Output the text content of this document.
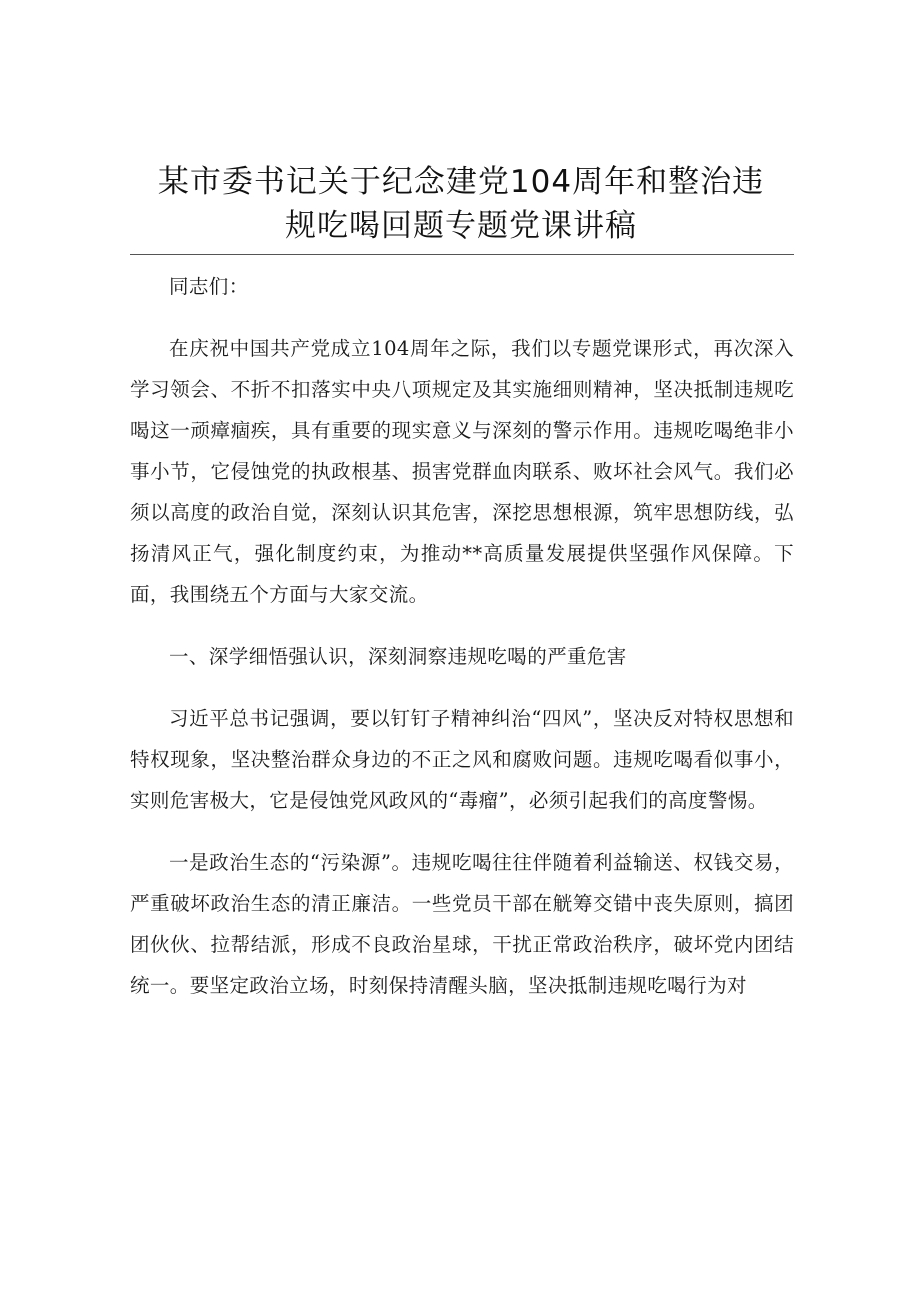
某市委书记关于纪念建党104周年和整治违
规吃喝回题专题党课讲稿

同志们：

在庆祝中国共产党成立104周年之际，我们以专题党课形式，再次深入学习领会、不折不扣落实中央八项规定及其实施细则精神，坚决抵制违规吃喝这一顽瘴痼疾，具有重要的现实意义与深刻的警示作用。违规吃喝绝非小事小节，它侵蚀党的执政根基、损害党群血肉联系、败坏社会风气。我们必须以高度的政治自觉，深刻认识其危害，深挖思想根源，筑牢思想防线，弘扬清风正气，强化制度约束，为推动**高质量发展提供坚强作风保障。下面，我围绕五个方面与大家交流。

一、深学细悟强认识，深刻洞察违规吃喝的严重危害

习近平总书记强调，要以钉钉子精神纠治“四风”，坚决反对特权思想和特权现象，坚决整治群众身边的不正之风和腐败问题。违规吃喝看似事小，实则危害极大，它是侵蚀党风政风的“毒瘤”，必须引起我们的高度警惕。

一是政治生态的“污染源”。违规吃喝往往伴随着利益输送、权钱交易，严重破坏政治生态的清正廉洁。一些党员干部在觥筹交错中丧失原则，搞团团伙伙、拉帮结派，形成不良政治星球，干扰正常政治秩序，破坏党内团结统一。要坚定政治立场，时刻保持清醒头脑，坚决抵制违规吃喝行为对
